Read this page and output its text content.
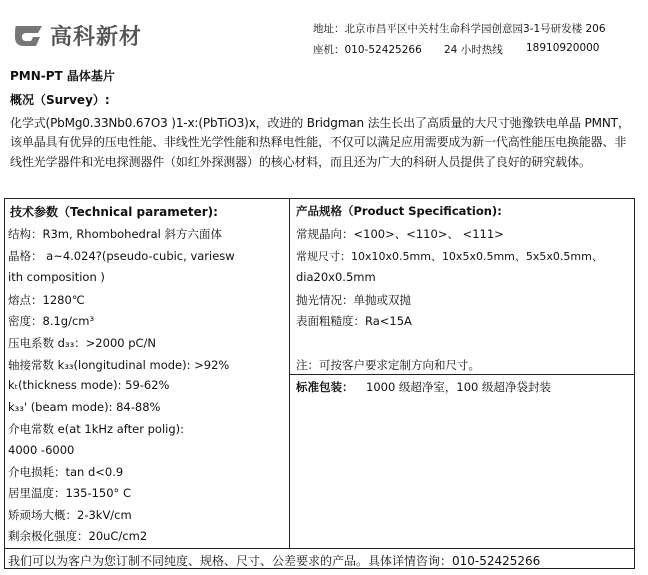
高科新材	地址：北京市昌平区中关村生命科学园创意园3-1号研发楼 206
座机：010-52425266 24 小时热线 18910920000
PMN-PT 晶体基片
概况（Survey）:
化学式(PbMg0.33Nb0.67O3 )1-x:(PbTiO3)x，改进的 Bridgman 法生长出了高质量的大尺寸弛豫铁电单晶 PMNT，该单晶具有优异的压电性能、非线性光学性能和热释电性能，不仅可以满足应用需要成为新一代高性能压电换能器、非线性光学器件和光电探测器件（如红外探测器）的核心材料，而且还为广大的科研人员提供了良好的研究载体。
技术参数（Technical parameter):
结构：R3m, Rhombohedral 斜方六面体
晶格： a~4.024?(pseudo-cubic, variesw
ith composition )
熔点：1280℃
密度：8.1g/cm³
压电系数 d₃₃：>2000 pC/N
轴接常数 k₃₃(longitudinal mode): >92%
kₜ(thickness mode): 59-62%
k₃₃' (beam mode): 84-88%
介电常数 e(at 1kHz after polig):
4000 -6000
介电损耗：tan d<0.9
居里温度：135-150° C
矫顽场大概：2-3kV/cm
剩余极化强度：20uC/cm2
产品规格（Product Specification):
常规晶向：<100>、<110>、 <111>
常规尺寸：10x10x0.5mm、10x5x0.5mm、5x5x0.5mm、
dia20x0.5mm
抛光情况：单抛或双抛
表面粗糙度：Ra<15A
注：可按客户要求定制方向和尺寸。
标准包装： 1000 级超净室，100 级超净袋封装
我们可以为客户为您订制不同纯度、规格、尺寸、公差要求的产品。具体详情咨询：010-52425266
